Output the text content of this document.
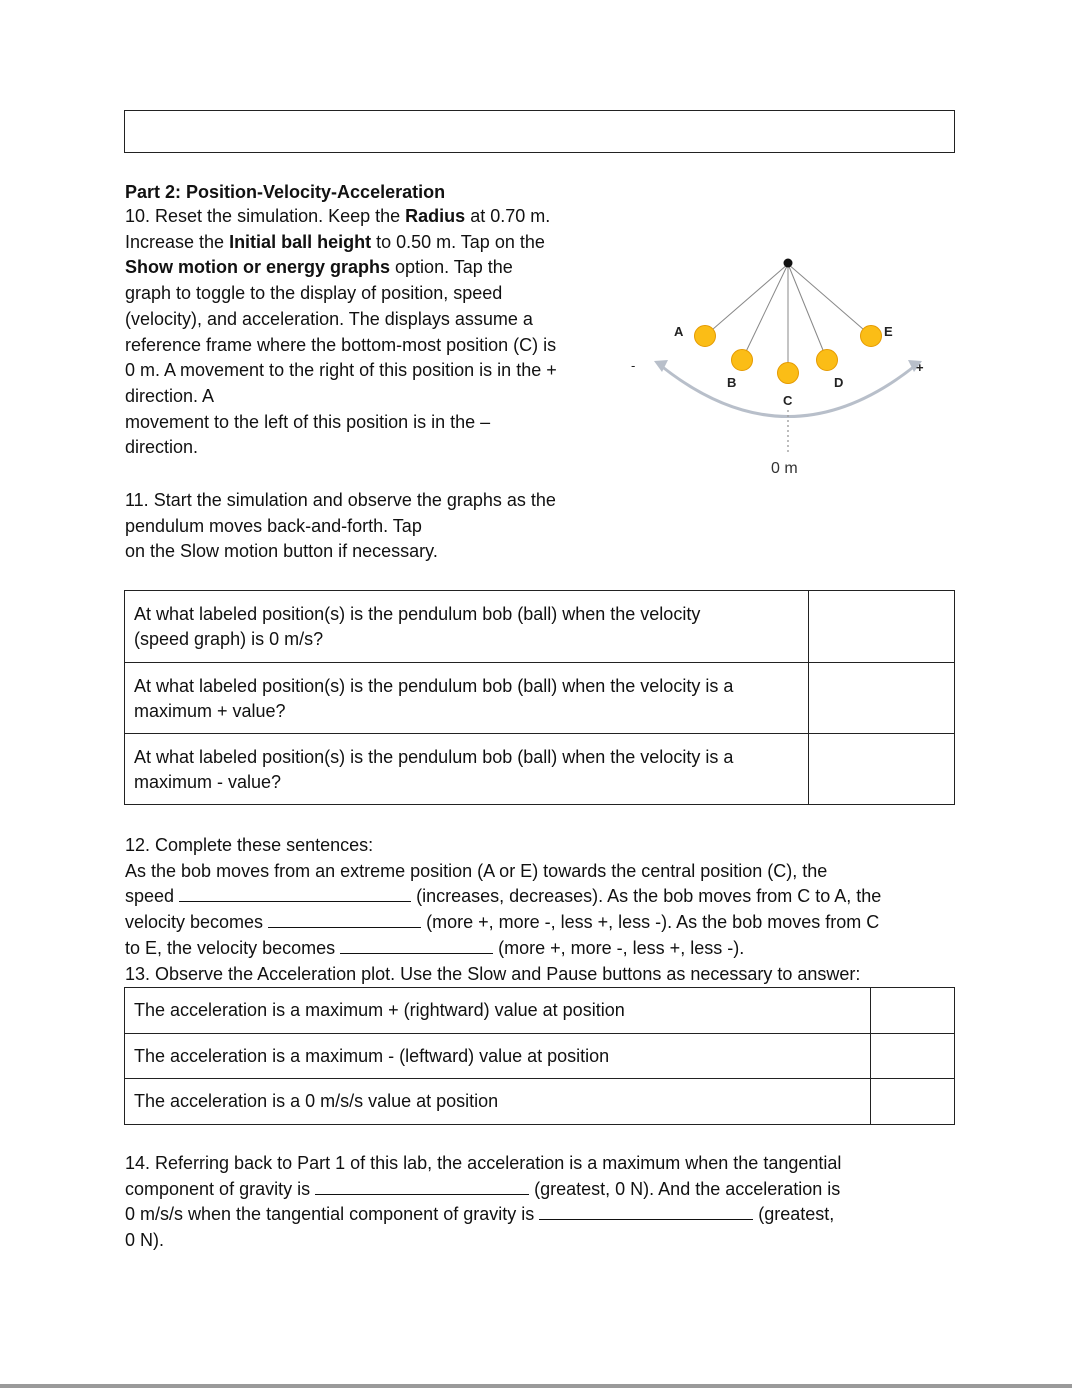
Part 2: Position-Velocity-Acceleration

10. Reset the simulation. Keep the Radius at 0.70 m.

Increase the Initial ball height to 0.50 m. Tap on the

Show motion or energy graphs option. Tap the

graph to toggle to the display of position, speed

(velocity), and acceleration. The displays assume a

reference frame where the bottom-most position (C) is

0 m. A movement to the right of this position is in the +

direction. A

movement to the left of this position is in the –

direction.

A
B
C
D
E
-	+
0 m

11. Start the simulation and observe the graphs as the

pendulum moves back-and-forth. Tap

on the Slow motion button if necessary.

At what labeled position(s) is the pendulum bob (ball) when the velocity
(speed graph) is 0 m/s?	

At what labeled position(s) is the pendulum bob (ball) when the velocity is a
maximum + value?	

At what labeled position(s) is the pendulum bob (ball) when the velocity is a
maximum - value?	

12. Complete these sentences:

As the bob moves from an extreme position (A or E) towards the central position (C), the

speed	(increases, decreases). As the bob moves from C to A, the

velocity becomes	(more +, more -, less +, less -). As the bob moves from C

to E, the velocity becomes	(more +, more -, less +, less -).

13. Observe the Acceleration plot. Use the Slow and Pause buttons as necessary to answer:

The acceleration is a maximum + (rightward) value at position	
The acceleration is a maximum - (leftward) value at position	
The acceleration is a 0 m/s/s value at position	

14. Referring back to Part 1 of this lab, the acceleration is a maximum when the tangential

component of gravity is	(greatest, 0 N). And the acceleration is

0 m/s/s when the tangential component of gravity is	(greatest,

0 N).
